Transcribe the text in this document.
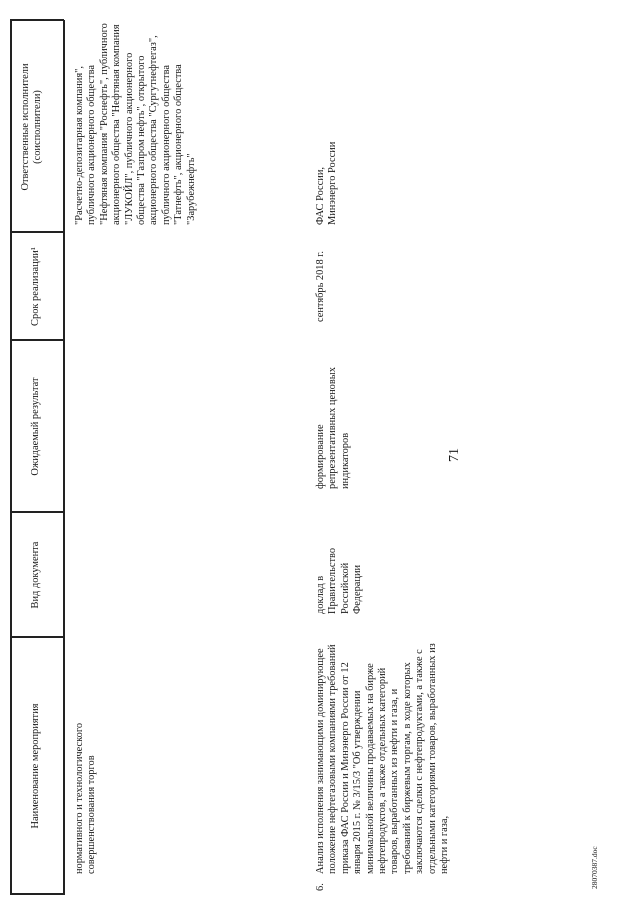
71
Наименование мероприятия
Вид документа
Ожидаемый результат
Срок реализации¹
Ответственные исполнители (соисполнители)
нормативного и технологического совершенствования торгов
"Расчетно-депозитарная компания", публичного акционерного общества "Нефтяная компания "Роснефть", публичного акционерного общества "Нефтяная компания "ЛУКОЙЛ", публичного акционерного общества "Газпром нефть", открытого акционерного общества "Сургутнефтегаз", публичного акционерного общества "Татнефть", акционерного общества "Зарубежнефть"
6.
Анализ исполнения занимающими доминирующее положение нефтегазовыми компаниями требований приказа ФАС России и Минэнерго России от 12 января 2015 г. № 3/15/3 "Об утверждении минимальной величины продаваемых на бирже нефтепродуктов, а также отдельных категорий товаров, выработанных из нефти и газа, и требований к биржевым торгам, в ходе которых заключаются сделки с нефтепродуктами, а также с отдельными категориями товаров, выработанных из нефти и газа,
доклад в Правительство Российской Федерации
формирование репрезентативных ценовых индикаторов
сентябрь 2018 г.
ФАС России, Минэнерго России
28070387.doc
